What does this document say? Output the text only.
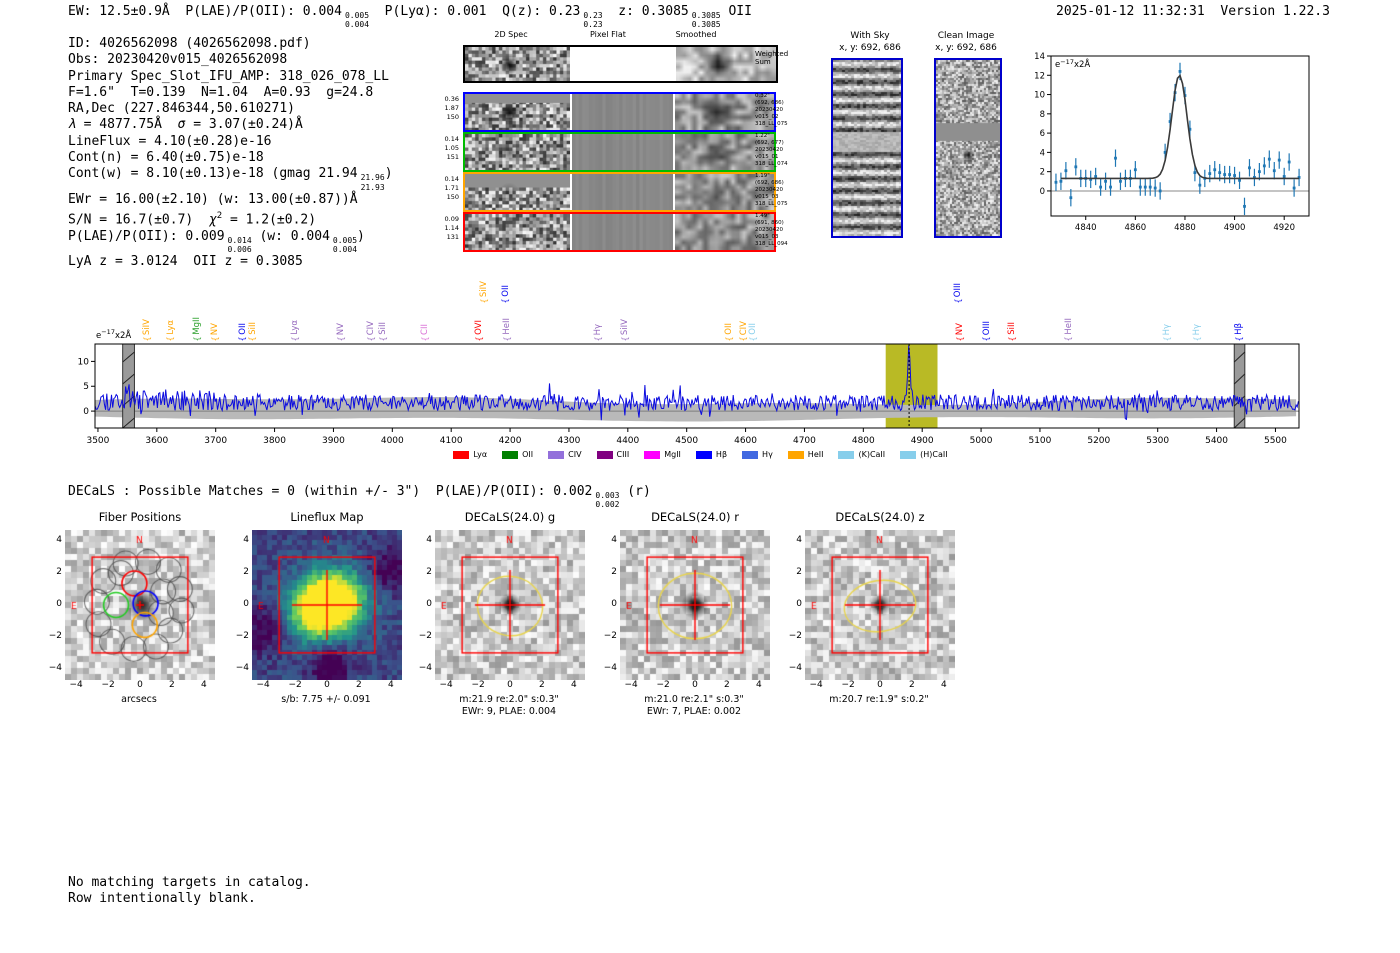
EW: 12.5±0.9Å  P(LAE)/P(OII): 0.004 0.005
0.004
P(Lyα): 0.001  Q(z): 0.23 0.23
0.23
z: 0.3085 0.3085
0.3085
OII	2025-01-12 11:32:31 Version 1.22.3
ID: 4026562098 (4026562098.pdf)
Obs: 20230420v015_4026562098
Primary Spec_Slot_IFU_AMP: 318_026_078_LL
F=1.6"  T=0.139  N=1.04  A=0.93  g=24.8
RA,Dec (227.846344,50.610271)
λ = 4877.75Å  σ = 3.07(±0.24)Å
LineFlux = 4.10(±0.28)e-16
Cont(n) = 6.40(±0.75)e-18
Cont(w) = 8.10(±0.13)e-18 (gmag 21.94 21.96
21.93
)
EWr = 16.00(±2.10) (w: 13.00(±0.87))Å
S/N = 16.7(±0.7)  $\chi^2 = 1.2(\pm 0.2)$
P(LAE)/P(OII): 0.009 0.014
0.006
(w: 0.004 0.005
0.004
)
LyA z = 3.0124  OII z = 0.3085
2D Spec	Pixel Flat	Smoothed
Weighted
Sum
0.36
1.87
150
0.32"
(692, 686)
20230420
v015_02
318_LL_075
0.14
1.05
151
1.22"
(692, 677)
20230420
v015_01
318_LL_074
0.14
1.71
150
1.19"
(692, 686)
20230420
v015_03
318_LL_075
0.09
1.14
131
1.49"
(691, 860)
20230420
v015_03
318_LL_094
With Sky
x, y: 692, 686
Clean Image
x, y: 692, 686
0
2
4
6
8
10
12
14
4840	4860	4880	4900	4920
$e^{-17}x2Å$
$e^{-17}x2Å$
SiIV
{
Lyα
{
MgII
{
NV
{
OII
{
SiII
{
Lyα
{
NV
{
CIV
{
SiII
{
CII
{
OVI
{
SiIV
{
OII
{
HeII
{
Hγ
{
SiIV
{
OII
{
CIV
{
OII
{
OIII
{
NV
{
OIII
{
SiII
{
HeII
{
Hγ
{
Hγ
{
Hβ
{
3500	3600	3700	3800	3900	4000	4100	4200	4300	4400	4500	4600	4700	4800	4900	5000	5100	5200	5300	5400	5500
0
5
10
Lyα	OII	CIV	CIII	MgII	Hβ	Hγ	HeII	(K)CaII	(H)CaII
DECaLS : Possible Matches = 0 (within +/- 3")  P(LAE)/P(OII): 0.002 0.003
0.002
(r)
Fiber Positions
−4
−4
−2
−2
0
0
2
2
4
4
arcsecs
Lineflux Map
−4
−4
−2
−2
0
0
2
2
4
4
s/b: 7.75 +/- 0.091
DECaLS(24.0) g
−4
−4
−2
−2
0
0
2
2
4
4
m:21.9 re:2.0" s:0.3"
EWr: 9, PLAE: 0.004
DECaLS(24.0) r
−4
−4
−2
−2
0
0
2
2
4
4
m:21.0 re:2.1" s:0.3"
EWr: 7, PLAE: 0.002
DECaLS(24.0) z
−4
−4
−2
−2
0
0
2
2
4
4
m:20.7 re:1.9" s:0.2"
No matching targets in catalog.
Row intentionally blank.
